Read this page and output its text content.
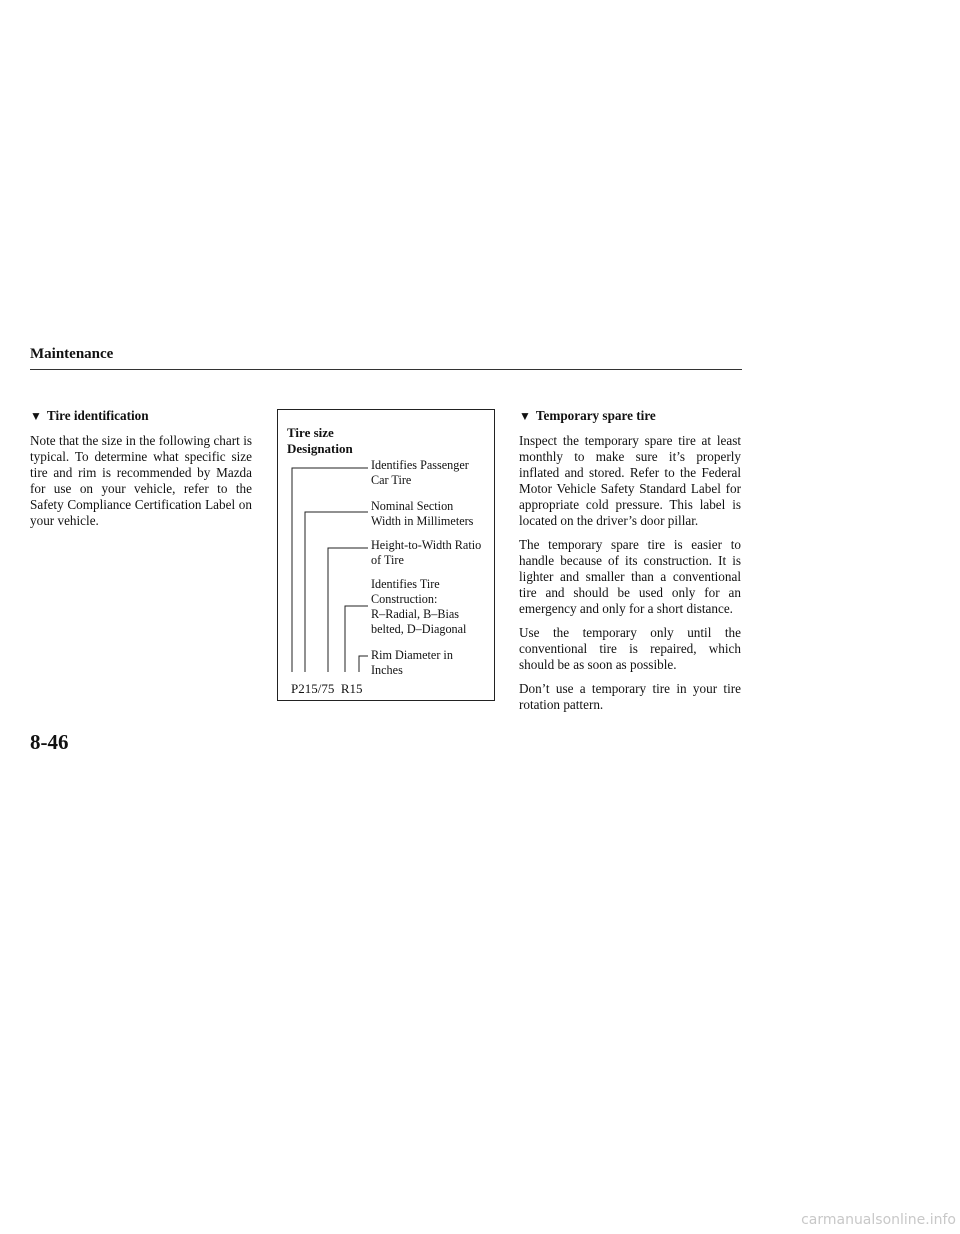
Maintenance

▼ Tire identification

Note that the size in the following chart is typical. To determine what specific size tire and rim is recommended by Mazda for use on your vehicle, refer to the Safety Compliance Certification Label on your vehicle.

Tire size
Designation
Identifies Passenger
Car Tire
Nominal Section
Width in Millimeters
Height-to-Width Ratio
of Tire
Identifies Tire
Construction:
R–Radial, B–Bias
belted, D–Diagonal
Rim Diameter in
Inches
P215/75  R15

▼ Temporary spare tire

Inspect the temporary spare tire at least monthly to make sure it’s properly inflated and stored. Refer to the Federal Motor Vehicle Safety Standard Label for appropriate cold pressure. This label is located on the driver’s door pillar.

The temporary spare tire is easier to handle because of its construction. It is lighter and smaller than a conventional tire and should be used only for an emergency and only for a short distance.

Use the temporary only until the conventional tire is repaired, which should be as soon as possible.

Don’t use a temporary tire in your tire rotation pattern.

8-46
carmanualsonline.info
